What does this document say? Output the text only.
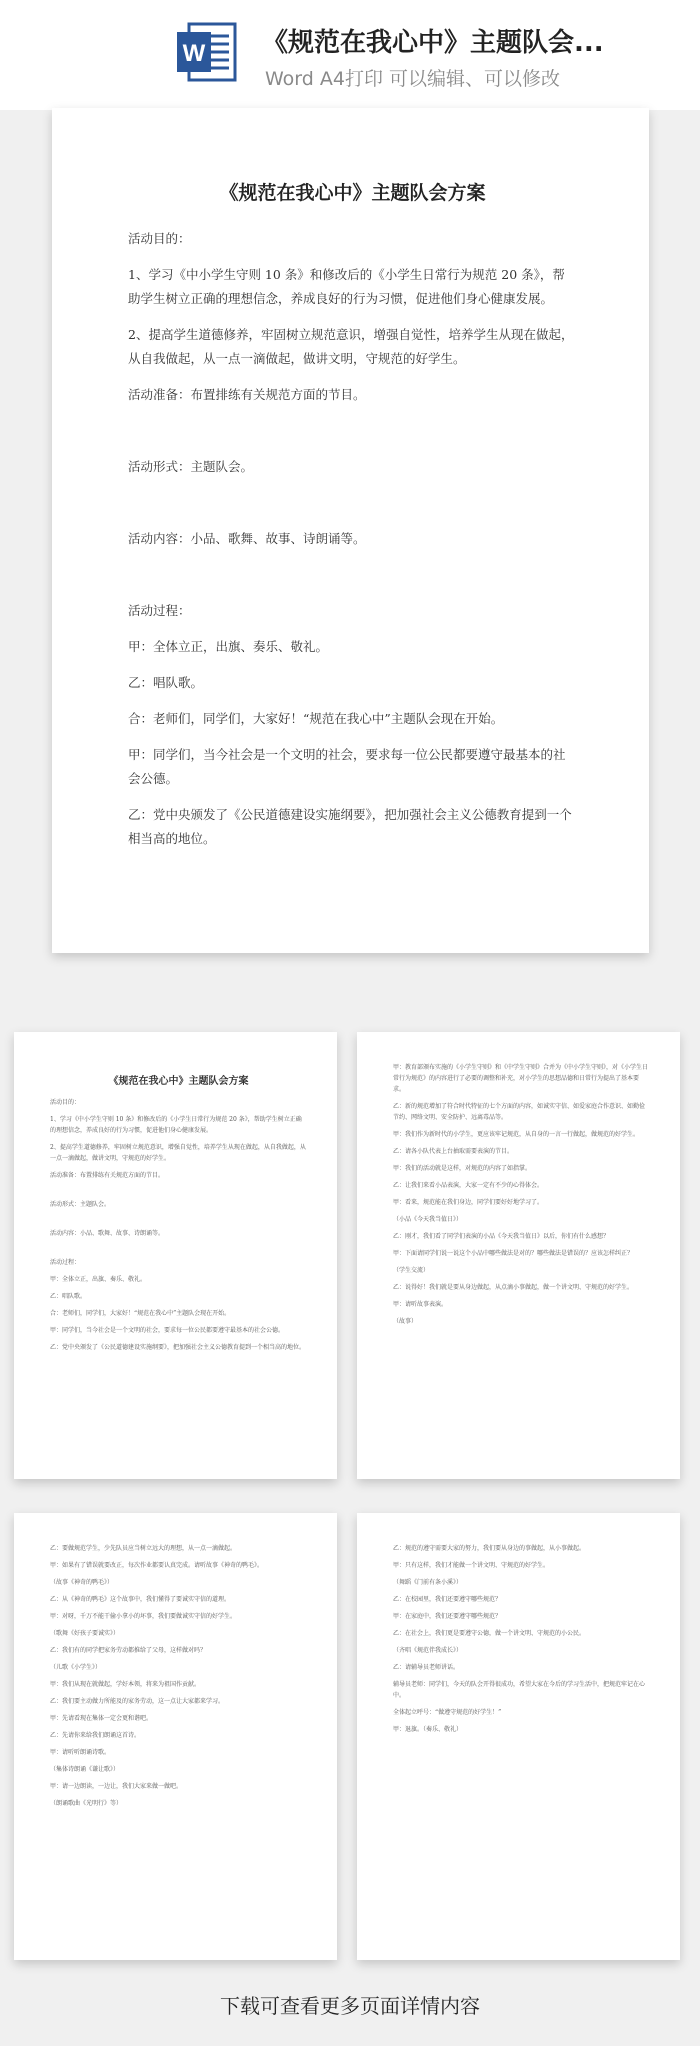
W 《规范在我心中》主题队会...
Word A4打印 可以编辑、可以修改
《规范在我心中》主题队会方案

活动目的：

1、学习《中小学生守则 10 条》和修改后的《小学生日常行为规范 20 条》，帮助学生树立正确的理想信念，养成良好的行为习惯，促进他们身心健康发展。

2、提高学生道德修养，牢固树立规范意识，增强自觉性，培养学生从现在做起，从自我做起，从一点一滴做起，做讲文明，守规范的好学生。

活动准备：布置排练有关规范方面的节目。

活动形式：主题队会。

活动内容：小品、歌舞、故事、诗朗诵等。

活动过程：

甲：全体立正，出旗、奏乐、敬礼。

乙：唱队歌。

合：老师们，同学们，大家好！“规范在我心中”主题队会现在开始。

甲：同学们，当今社会是一个文明的社会，要求每一位公民都要遵守最基本的社会公德。

乙：党中央颁发了《公民道德建设实施纲要》，把加强社会主义公德教育提到一个相当高的地位。

《规范在我心中》主题队会方案

活动目的：

1、学习《中小学生守则 10 条》和修改后的《小学生日常行为规范 20 条》，帮助学生树立正确的理想信念，养成良好的行为习惯，促进他们身心健康发展。

2、提高学生道德修养，牢固树立规范意识，增强自觉性，培养学生从现在做起，从自我做起，从一点一滴做起，做讲文明，守规范的好学生。

活动准备：布置排练有关规范方面的节目。

活动形式：主题队会。

活动内容：小品、歌舞、故事、诗朗诵等。

活动过程：

甲：全体立正，出旗、奏乐、敬礼。

乙：唱队歌。

合：老师们，同学们，大家好！“规范在我心中”主题队会现在开始。

甲：同学们，当今社会是一个文明的社会，要求每一位公民都要遵守最基本的社会公德。

乙：党中央颁发了《公民道德建设实施纲要》，把加强社会主义公德教育提到一个相当高的地位。

甲：教育部颁布实施的《小学生守则》和《中学生守则》合并为《中小学生守则》，对《小学生日常行为规范》的内容进行了必要的调整和补充，对小学生的思想品德和日常行为提出了基本要求。

乙：新的规范增加了符合时代特征的七个方面的内容，如诚实守信、如爱家庭合作意识、如勤俭节约、网络文明、安全防护、远离毒品等。

甲：我们作为新时代的小学生，更应该牢记规范，从自身的一言一行做起，做规范的好学生。

乙：请各小队代表上台抽取需要表演的节目。

甲：我们的活动就是这样，对规范的内容了如指掌。

乙：让我们来看小品表演，大家一定有不少的心得体会。

甲：看来，规范能在我们身边，同学们要好好地学习了。

（小品《今天我当值日》）

乙：刚才，我们看了同学们表演的小品《今天我当值日》以后，你们有什么感想？

甲：下面请同学们说一说这个小品中哪些做法是对的？哪些做法是错误的？应该怎样纠正？

（学生交流）

乙：说得好！我们就是要从身边做起，从点滴小事做起，做一个讲文明、守规范的好学生。

甲：请听故事表演。

（故事）

乙：要做规范学生，少先队员应当树立远大的理想，从一点一滴做起。

甲：如果有了错误就要改正，每次作业都要认真完成。请听故事《神奇的鸭毛》。

（故事《神奇的鸭毛》）

乙：从《神奇的鸭毛》这个故事中，我们懂得了要诚实守信的道理。

甲：对呀，千万不能干偷小拿小的坏事，我们要做诚实守信的好学生。

（歌舞《好孩子要诚实》）

乙：我们有的同学把家务劳动都推给了父母，这样做对吗？

（儿歌《小学生》）

甲：我们从现在就做起，学好本领，将来为祖国作贡献。

乙：我们要主动做力所能及的家务劳动，这一点让大家都来学习。

甲：先请看现在集体一定会更和谐吧。

乙：先请你来给我们朗诵这首诗。

甲：请听听朗诵诗歌。

（集体诗朗诵《谦让歌》）

甲：请一边朗读，一边让，我们大家来做一做吧。

（朗诵歌曲《光明行》等）

乙：规范的遵守需要大家的努力，我们要从身边的事做起，从小事做起。

甲：只有这样，我们才能做一个讲文明、守规范的好学生。

（舞蹈《门前有条小溪》）

乙：在校园里，我们还要遵守哪些规范？

甲：在家庭中，我们还要遵守哪些规范？

乙：在社会上，我们更是要遵守公德，做一个讲文明、守规范的小公民。

（齐唱《规范伴我成长》）

乙：请辅导员老师讲话。

辅导员老师：同学们，今天的队会开得很成功，希望大家在今后的学习生活中，把规范牢记在心中。

全体起立呼号：“做遵守规范的好学生！”

甲：退旗。（奏乐、敬礼）

下载可查看更多页面详情内容
